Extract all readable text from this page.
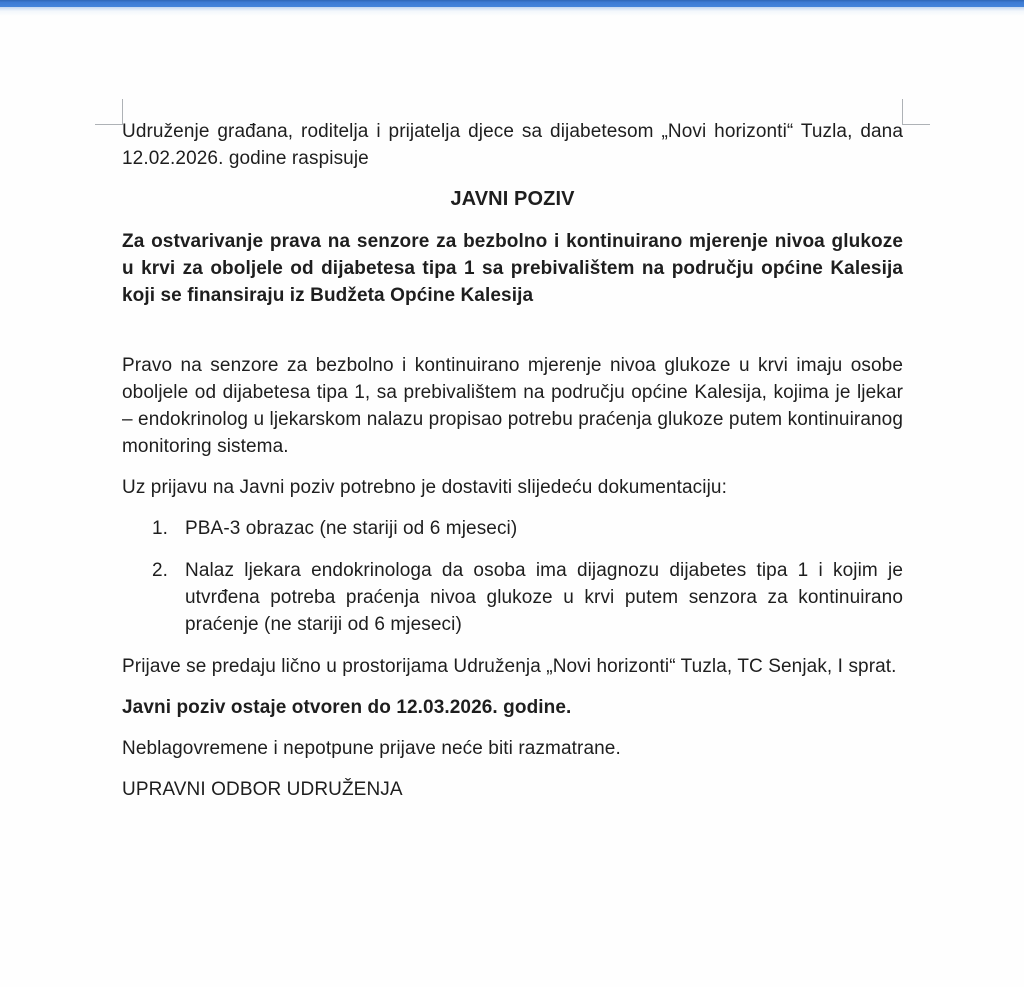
Udruženje građana, roditelja i prijatelja djece sa dijabetesom „Novi horizonti“ Tuzla, dana 12.02.2026. godine raspisuje

JAVNI POZIV

Za ostvarivanje prava na senzore za bezbolno i kontinuirano mjerenje nivoa glukoze u krvi za oboljele od dijabetesa tipa 1 sa prebivalištem na području općine Kalesija koji se finansiraju iz Budžeta Općine Kalesija

Pravo na senzore za bezbolno i kontinuirano mjerenje nivoa glukoze u krvi imaju osobe oboljele od dijabetesa tipa 1, sa prebivalištem na području općine Kalesija, kojima je ljekar – endokrinolog u ljekarskom nalazu propisao potrebu praćenja glukoze putem kontinuiranog monitoring sistema.

Uz prijavu na Javni poziv potrebno je dostaviti slijedeću dokumentaciju:

1. PBA-3 obrazac (ne stariji od 6 mjeseci)
2. Nalaz ljekara endokrinologa da osoba ima dijagnozu dijabetes tipa 1 i kojim je utvrđena potreba praćenja nivoa glukoze u krvi putem senzora za kontinuirano praćenje (ne stariji od 6 mjeseci)

Prijave se predaju lično u prostorijama Udruženja „Novi horizonti“ Tuzla, TC Senjak, I sprat.

Javni poziv ostaje otvoren do 12.03.2026. godine.

Neblagovremene i nepotpune prijave neće biti razmatrane.

UPRAVNI ODBOR UDRUŽENJA
